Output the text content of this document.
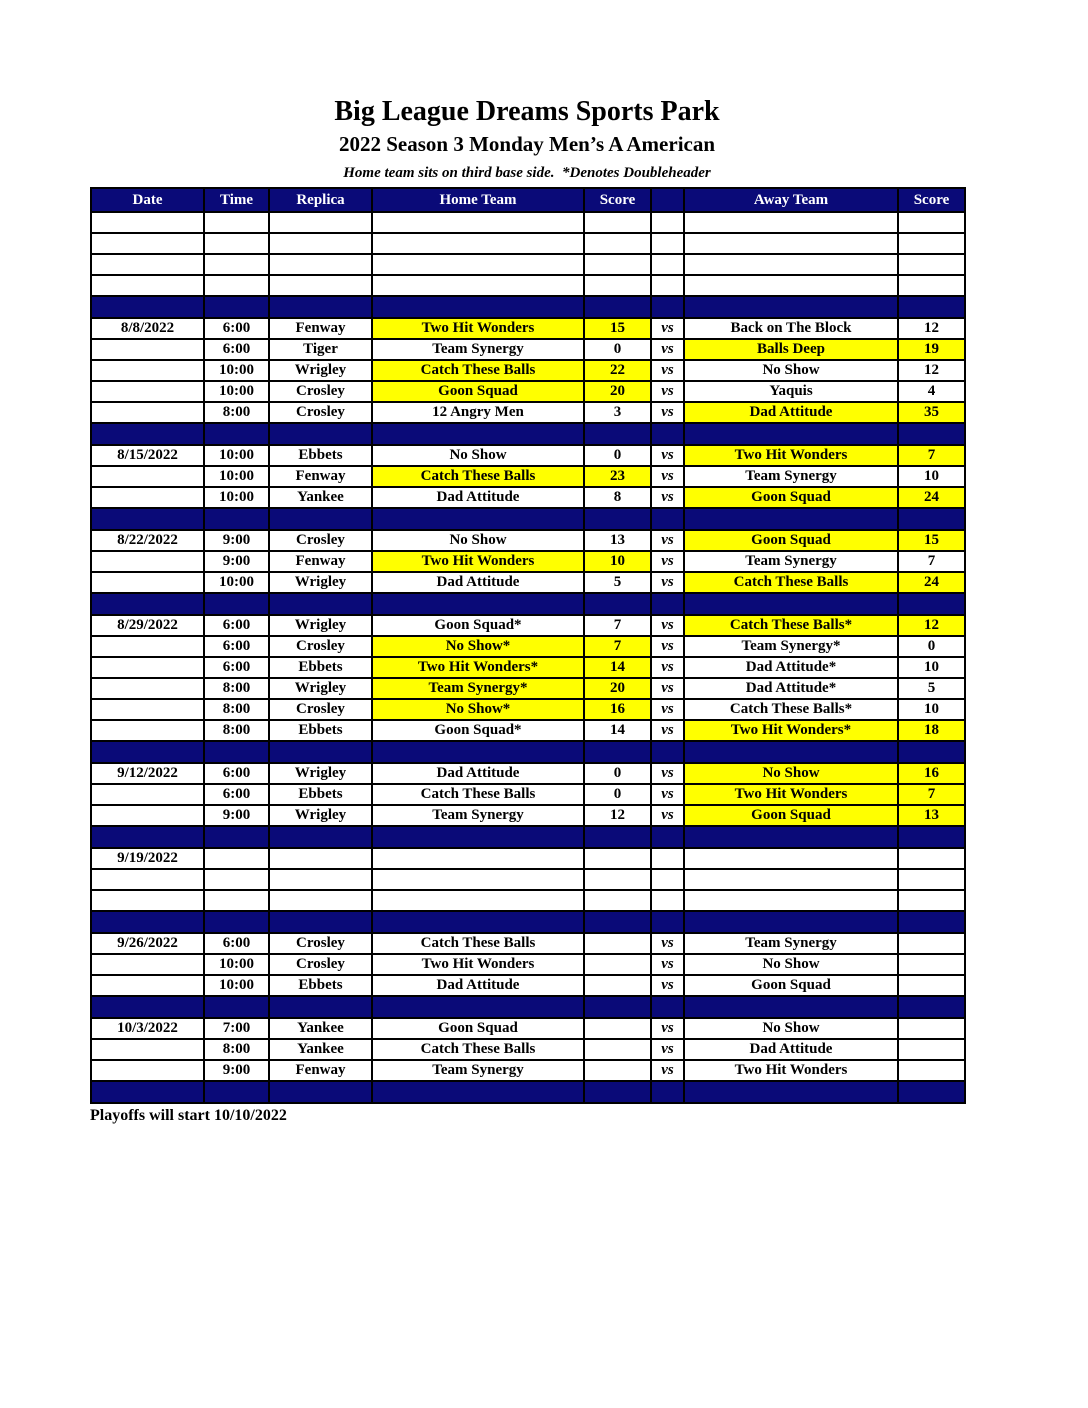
Big League Dreams Sports Park
2022 Season 3 Monday Men’s A American
Home team sits on third base side.  *Denotes Doubleheader
Date	Time	Replica	Home Team	Score		Away Team	Score

8/8/2022	6:00	Fenway	Two Hit Wonders	15	vs	Back on The Block	12
	6:00	Tiger	Team Synergy	0	vs	Balls Deep	19
	10:00	Wrigley	Catch These Balls	22	vs	No Show	12
	10:00	Crosley	Goon Squad	20	vs	Yaquis	4
	8:00	Crosley	12 Angry Men	3	vs	Dad Attitude	35

8/15/2022	10:00	Ebbets	No Show	0	vs	Two Hit Wonders	7
	10:00	Fenway	Catch These Balls	23	vs	Team Synergy	10
	10:00	Yankee	Dad Attitude	8	vs	Goon Squad	24

8/22/2022	9:00	Crosley	No Show	13	vs	Goon Squad	15
	9:00	Fenway	Two Hit Wonders	10	vs	Team Synergy	7
	10:00	Wrigley	Dad Attitude	5	vs	Catch These Balls	24

8/29/2022	6:00	Wrigley	Goon Squad*	7	vs	Catch These Balls*	12
	6:00	Crosley	No Show*	7	vs	Team Synergy*	0
	6:00	Ebbets	Two Hit Wonders*	14	vs	Dad Attitude*	10
	8:00	Wrigley	Team Synergy*	20	vs	Dad Attitude*	5
	8:00	Crosley	No Show*	16	vs	Catch These Balls*	10
	8:00	Ebbets	Goon Squad*	14	vs	Two Hit Wonders*	18

9/12/2022	6:00	Wrigley	Dad Attitude	0	vs	No Show	16
	6:00	Ebbets	Catch These Balls	0	vs	Two Hit Wonders	7
	9:00	Wrigley	Team Synergy	12	vs	Goon Squad	13

9/19/2022							

9/26/2022	6:00	Crosley	Catch These Balls		vs	Team Synergy	
	10:00	Crosley	Two Hit Wonders		vs	No Show	
	10:00	Ebbets	Dad Attitude		vs	Goon Squad	

10/3/2022	7:00	Yankee	Goon Squad		vs	No Show	
	8:00	Yankee	Catch These Balls		vs	Dad Attitude	
	9:00	Fenway	Team Synergy		vs	Two Hit Wonders	

Playoffs will start 10/10/2022
